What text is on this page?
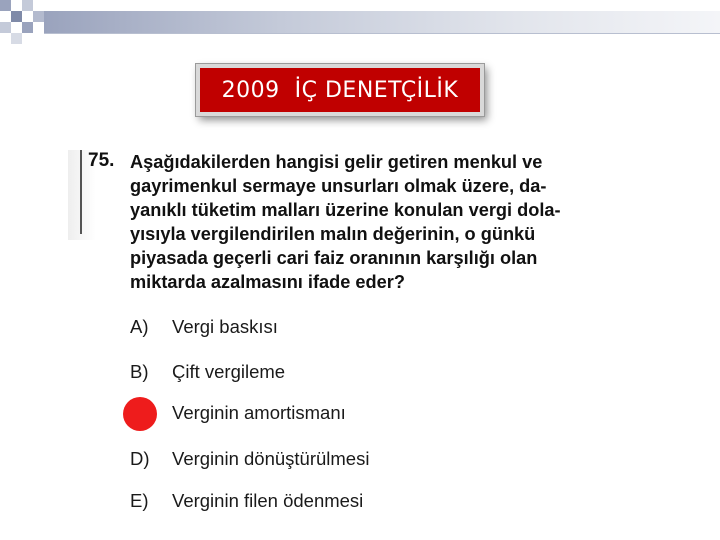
2009  İÇ DENETÇİLİK
75. Aşağıdakilerden hangisi gelir getiren menkul ve
gayrimenkul sermaye unsurları olmak üzere, da-
yanıklı tüketim malları üzerine konulan vergi dola-
yısıyla vergilendirilen malın değerinin, o günkü
piyasada geçerli cari faiz oranının karşılığı olan
miktarda azalmasını ifade eder?
A) Vergi baskısı
B) Çift vergileme
Verginin amortismanı
D) Verginin dönüştürülmesi
E) Verginin filen ödenmesi
